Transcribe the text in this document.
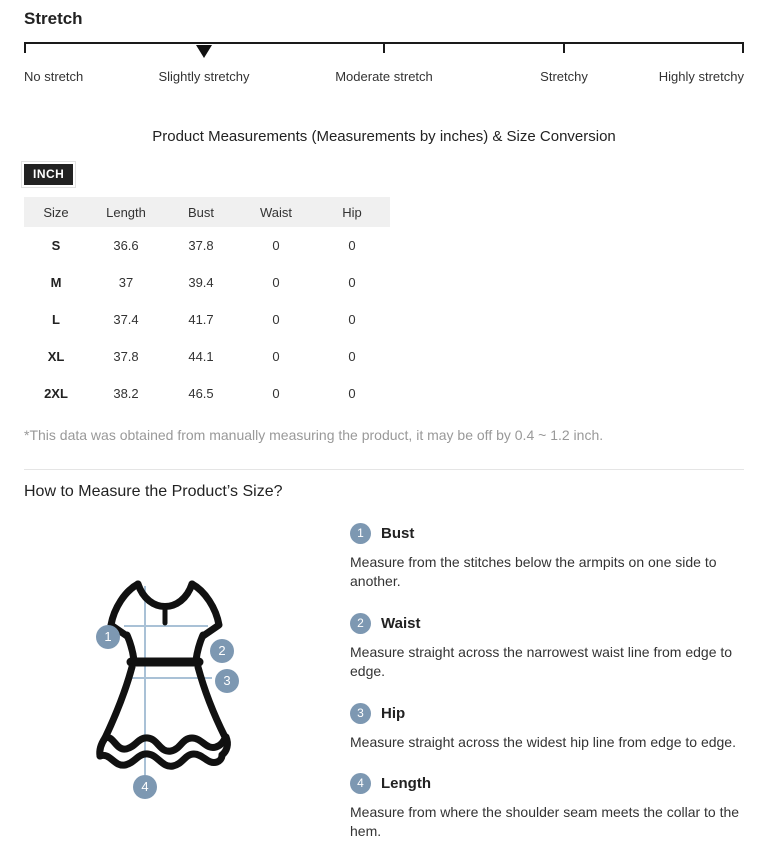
Stretch
No stretch	Slightly stretchy	Moderate stretch	Stretchy	Highly stretchy
Product Measurements (Measurements by inches) & Size Conversion
INCH
Size	Length	Bust	Waist	Hip
S	36.6	37.8	0	0
M	37	39.4	0	0
L	37.4	41.7	0	0
XL	37.8	44.1	0	0
2XL	38.2	46.5	0	0

*This data was obtained from manually measuring the product, it may be off by 0.4 ~ 1.2 inch.

How to Measure the Product’s Size?
1
2
3
4
1	Bust

Measure from the stitches below the armpits on one side to another.

2	Waist

Measure straight across the narrowest waist line from edge to edge.

3	Hip

Measure straight across the widest hip line from edge to edge.

4	Length

Measure from where the shoulder seam meets the collar to the hem.
